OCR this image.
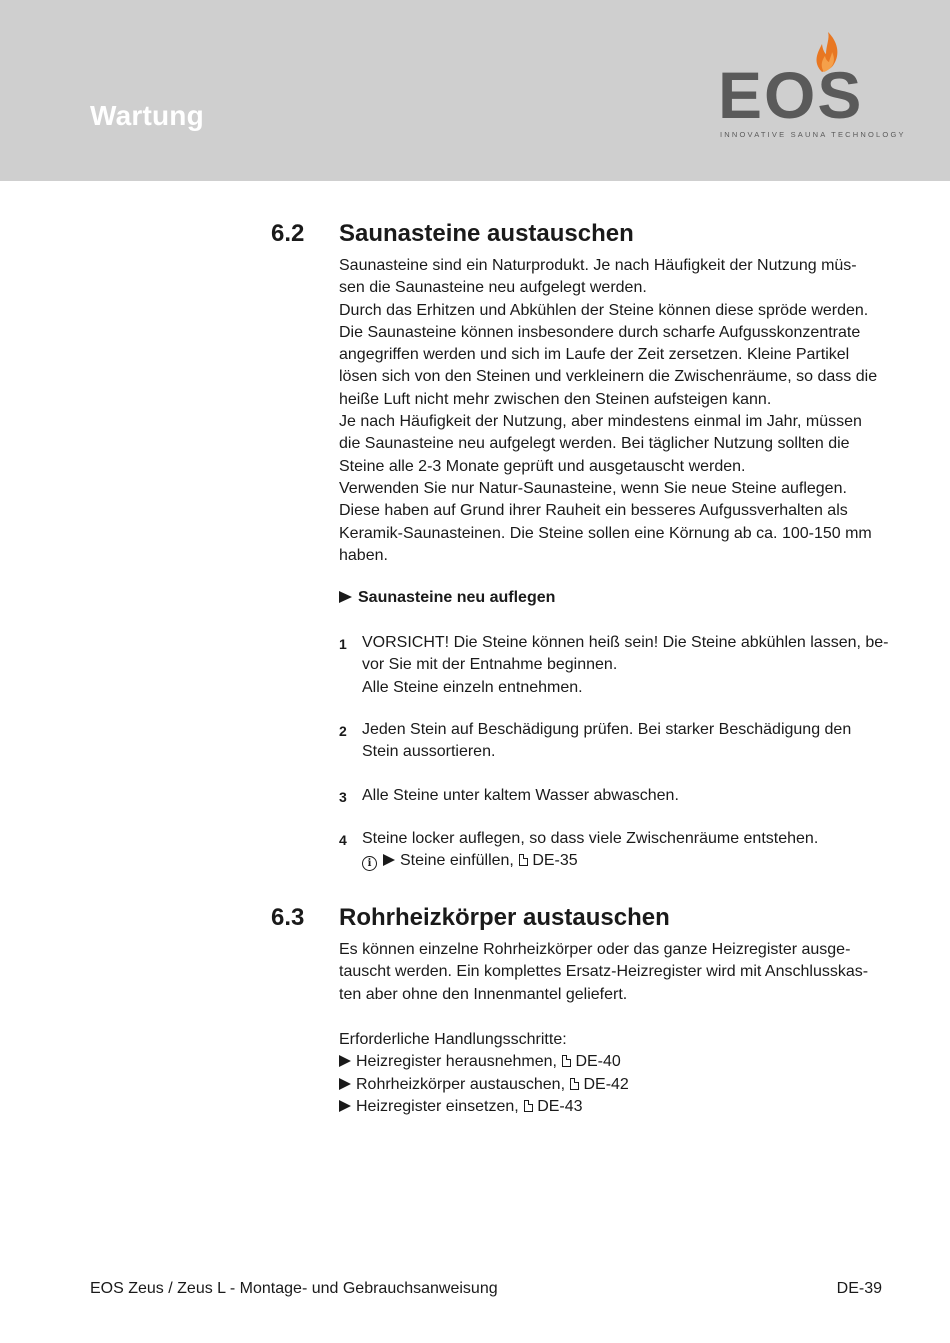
Wartung	EOS
INNOVATIVE SAUNA TECHNOLOGY
6.2 Saunasteine austauschen
Saunasteine sind ein Naturprodukt. Je nach Häufigkeit der Nutzung müs-
sen die Saunasteine neu aufgelegt werden.
Durch das Erhitzen und Abkühlen der Steine können diese spröde werden.
Die Saunasteine können insbesondere durch scharfe Aufgusskonzentrate
angegriffen werden und sich im Laufe der Zeit zersetzen. Kleine Partikel
lösen sich von den Steinen und verkleinern die Zwischenräume, so dass die
heiße Luft nicht mehr zwischen den Steinen aufsteigen kann.
Je nach Häufigkeit der Nutzung, aber mindestens einmal im Jahr, müssen
die Saunasteine neu aufgelegt werden. Bei täglicher Nutzung sollten die
Steine alle 2-3 Monate geprüft und ausgetauscht werden.
Verwenden Sie nur Natur-Saunasteine, wenn Sie neue Steine auflegen.
Diese haben auf Grund ihrer Rauheit ein besseres Aufgussverhalten als
Keramik-Saunasteinen. Die Steine sollen eine Körnung ab ca. 100-150 mm
haben.
Saunasteine neu auflegen
1 VORSICHT! Die Steine können heiß sein! Die Steine abkühlen lassen, be-
vor Sie mit der Entnahme beginnen.
Alle Steine einzeln entnehmen.
2 Jeden Stein auf Beschädigung prüfen. Bei starker Beschädigung den
Stein aussortieren.
3 Alle Steine unter kaltem Wasser abwaschen.
4 Steine locker auflegen, so dass viele Zwischenräume entstehen.
i Steine einfüllen, DE-35
6.3 Rohrheizkörper austauschen
Es können einzelne Rohrheizkörper oder das ganze Heizregister ausge-
tauscht werden. Ein komplettes Ersatz-Heizregister wird mit Anschlusskas-
ten aber ohne den Innenmantel geliefert.
Erforderliche Handlungsschritte:
Heizregister herausnehmen, DE-40
Rohrheizkörper austauschen, DE-42
Heizregister einsetzen, DE-43
EOS Zeus / Zeus L - Montage- und Gebrauchsanweisung	DE-39
